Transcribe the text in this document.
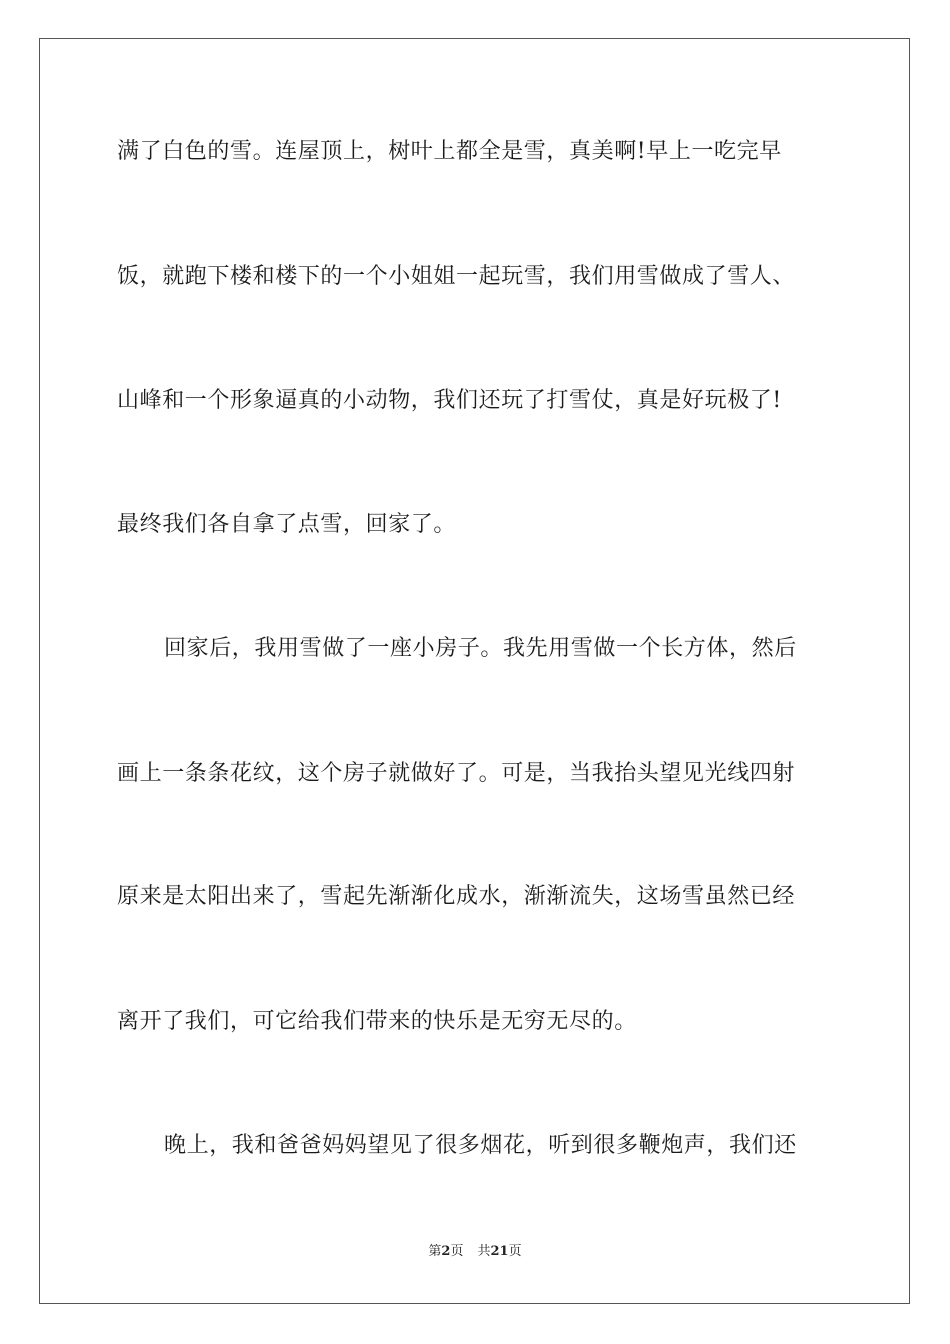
满了白色的雪。连屋顶上，树叶上都全是雪，真美啊!早上一吃完早
饭，就跑下楼和楼下的一个小姐姐一起玩雪，我们用雪做成了雪人、
山峰和一个形象逼真的小动物，我们还玩了打雪仗，真是好玩极了!
最终我们各自拿了点雪，回家了。
回家后，我用雪做了一座小房子。我先用雪做一个长方体，然后
画上一条条花纹，这个房子就做好了。可是，当我抬头望见光线四射
原来是太阳出来了，雪起先渐渐化成水，渐渐流失，这场雪虽然已经
离开了我们，可它给我们带来的快乐是无穷无尽的。
晚上，我和爸爸妈妈望见了很多烟花，听到很多鞭炮声，我们还
第2页 共21页
